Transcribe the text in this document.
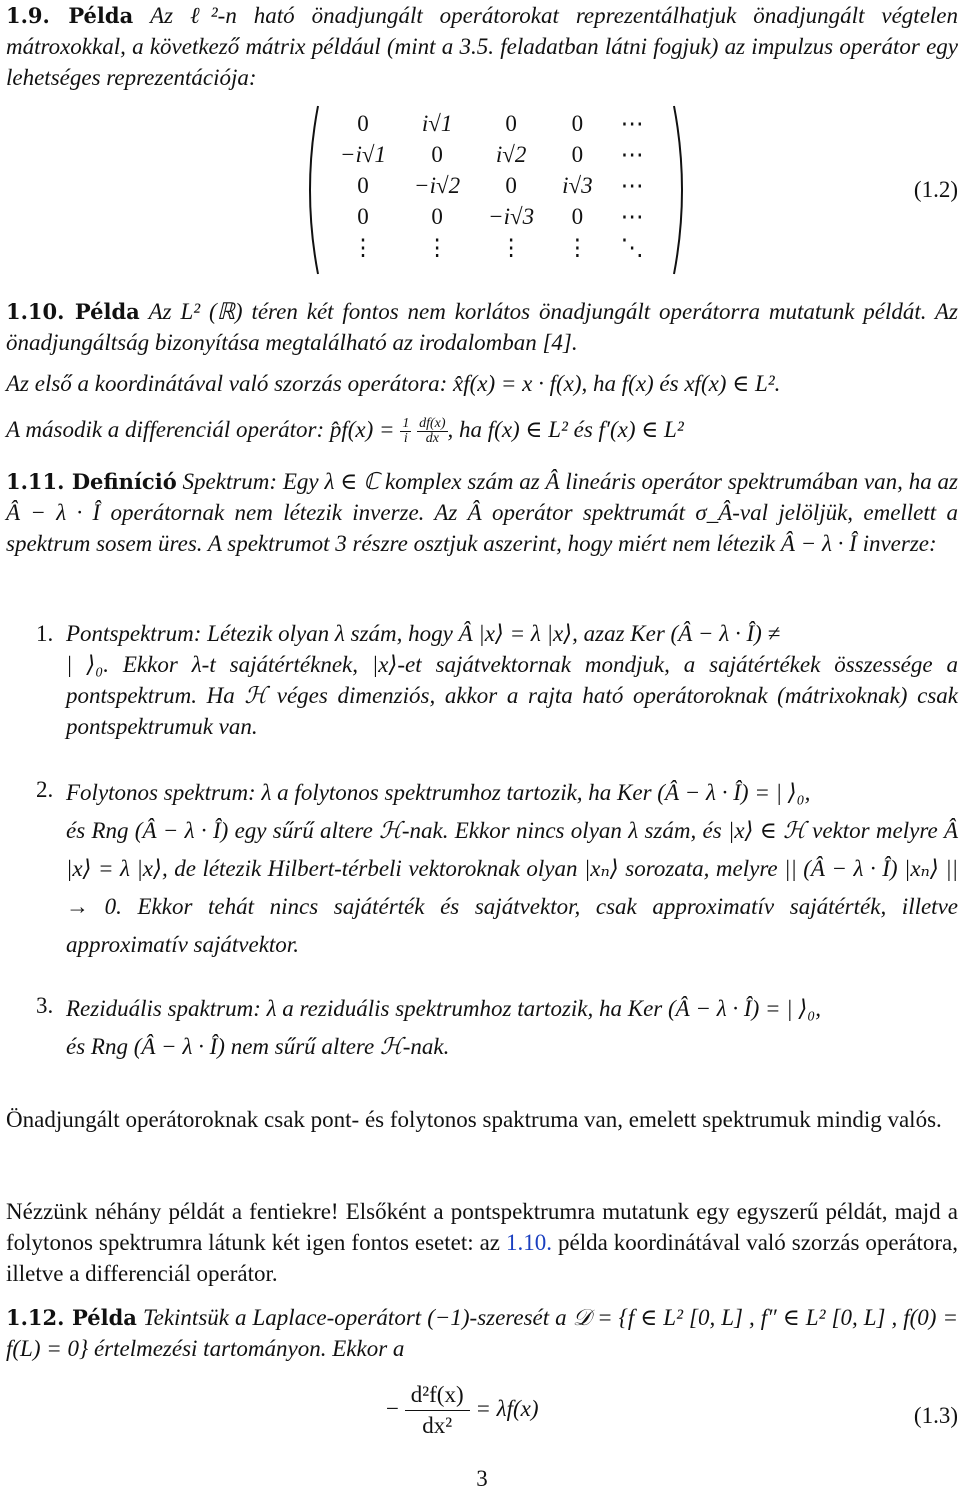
1.9. Példa Az ℓ²-n ható önadjungált operátorokat reprezentálhatjuk önadjungált végtelen mátroxokkal, a következő mátrix például (mint a 3.5. feladatban látni fogjuk) az impulzus operátor egy lehetséges reprezentációja:
0	i√1	0	0	⋯
−i√1	0	i√2	0	⋯
0	−i√2	0	i√3	⋯
0	0	−i√3	0	⋯
⋮	⋮	⋮	⋮	⋱
(1.2)
1.10. Példa Az L² (ℝ) téren két fontos nem korlátos önadjungált operátorra mutatunk példát. Az önadjungáltság bizonyítása megtalálható az irodalomban [4].
Az első a koordinátával való szorzás operátora: x̂f(x) = x · f(x), ha f(x) és xf(x) ∈ L².
A második a differenciál operátor: p̂f(x) = $\frac{1}{i}$
$\frac{df(x)}{dx}$ , ha f(x) ∈ L² és f′(x) ∈ L²
1.11. Definíció Spektrum: Egy λ ∈ ℂ komplex szám az Â lineáris operátor spektrumában van, ha az Â − λ · Î operátornak nem létezik inverze. Az Â operátor spektrumát σ_Â-val jelöljük, emellett a spektrum sosem üres. A spektrumot 3 részre osztjuk aszerint, hogy miért nem létezik Â − λ · Î inverze:
1. Pontspektrum: Létezik olyan λ szám, hogy Â |x⟩ = λ |x⟩, azaz Ker (Â − λ · Î) ≠
| ⟩₀. Ekkor λ-t sajátértéknek, |x⟩-et sajátvektornak mondjuk, a sajátértékek összessége a pontspektrum. Ha ℋ véges dimenziós, akkor a rajta ható operátoroknak (mátrixoknak) csak pontspektrumuk van.
2. Folytonos spektrum: λ a folytonos spektrumhoz tartozik, ha Ker (Â − λ · Î) = | ⟩₀,
és Rng (Â − λ · Î) egy sűrű altere ℋ-nak. Ekkor nincs olyan λ szám, és |x⟩ ∈ ℋ vektor melyre Â |x⟩ = λ |x⟩, de létezik Hilbert-térbeli vektoroknak olyan |xₙ⟩ sorozata, melyre || (Â − λ · Î) |xₙ⟩ || → 0. Ekkor tehát nincs sajátérték és sajátvektor, csak approximatív sajátérték, illetve approximatív sajátvektor.
3. Reziduális spaktrum: λ a reziduális spektrumhoz tartozik, ha Ker (Â − λ · Î) = | ⟩₀,
és Rng (Â − λ · Î) nem sűrű altere ℋ-nak.
Önadjungált operátoroknak csak pont- és folytonos spaktruma van, emelett spektrumuk mindig valós.
Nézzünk néhány példát a fentiekre! Elsőként a pontspektrumra mutatunk egy egyszerű példát, majd a folytonos spektrumra látunk két igen fontos esetet: az 1.10. példa koordinátával való szorzás operátora, illetve a differenciál operátor.
1.12. Példa Tekintsük a Laplace-operátort (−1)-szeresét a 𝒟 = {f ∈ L² [0, L] , f″ ∈ L² [0, L] , f(0) = f(L) = 0} értelmezési tartományon. Ekkor a
− $\frac{\text{d²f(x)}}{\text{dx²}} = \lambda f(x)$	(1.3)
3
